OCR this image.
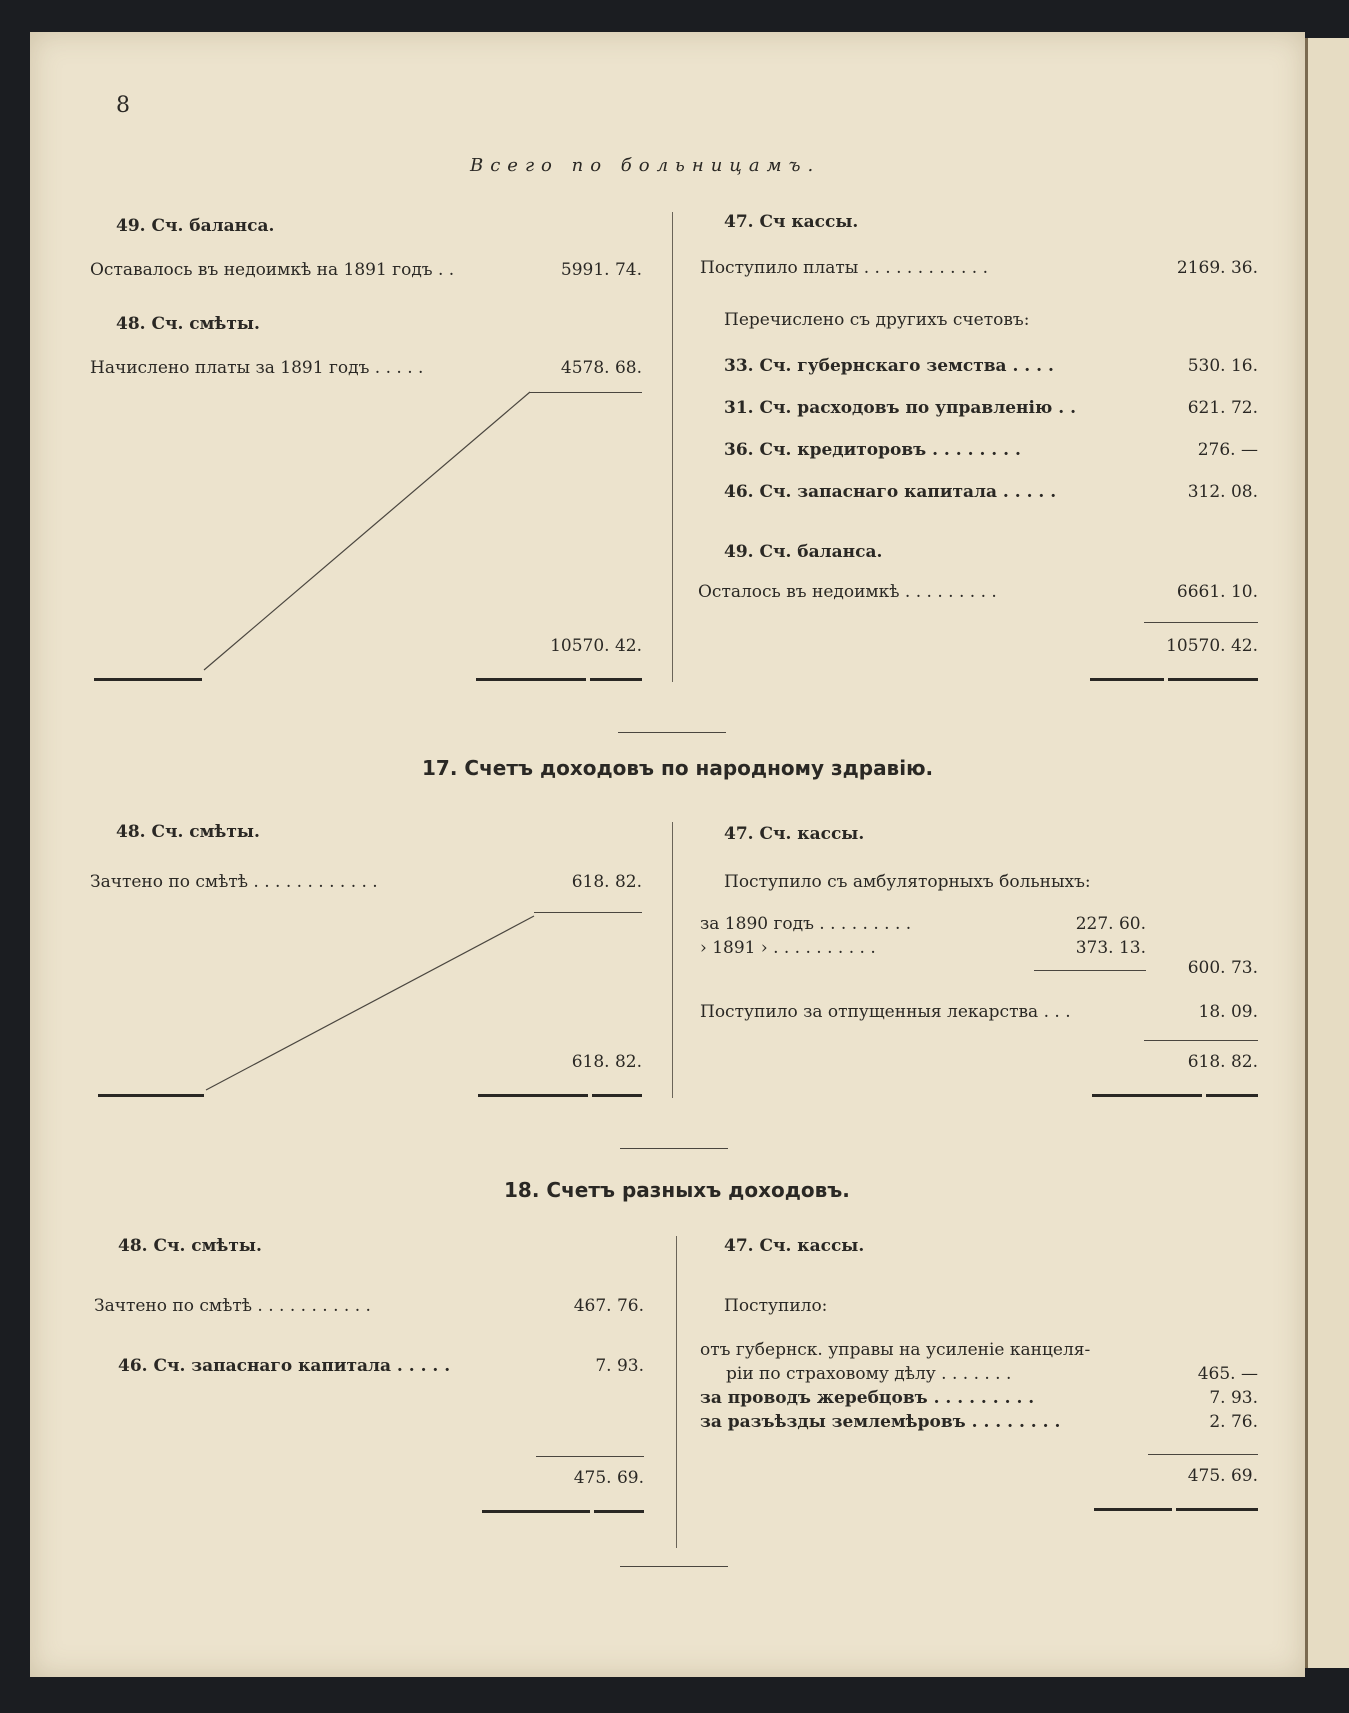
8
Всего по больницамъ.
49. Сч. баланса.
Оставалось въ недоимкѣ на 1891 годъ . .	5991. 74.
48. Сч. смѣты.
Начислено платы за 1891 годъ . . . . .	4578. 68.
10570. 42.
47. Сч кассы.
Поступило платы . . . . . . . . . . . .	2169. 36.
Перечислено съ другихъ счетовъ:
33. Сч. губернскаго земства . . . .	530. 16.
31. Сч. расходовъ по управленію . .	621. 72.
36. Сч. кредиторовъ . . . . . . . .	276. —
46. Сч. запаснаго капитала . . . . .	312. 08.
49. Сч. баланса.
Осталось въ недоимкѣ . . . . . . . . .	6661. 10.
10570. 42.
17. Счетъ доходовъ по народному здравію.
48. Сч. смѣты.
Зачтено по смѣтѣ . . . . . . . . . . . .	618. 82.
618. 82.
47. Сч. кассы.
Поступило съ амбуляторныхъ больныхъ:
за 1890 годъ . . . . . . . . .	227. 60.
› 1891 › . . . . . . . . . .	373. 13.
600. 73.
Поступило за отпущенныя лекарства . . .	18. 09.
618. 82.
18. Счетъ разныхъ доходовъ.
48. Сч. смѣты.
Зачтено по смѣтѣ . . . . . . . . . . .	467. 76.
46. Сч. запаснаго капитала . . . . .	7. 93.
475. 69.
47. Сч. кассы.
Поступило:
отъ губернск. управы на усиленіе канцеля-
ріи по страховому дѣлу . . . . . . .	465. —
за проводъ жеребцовъ . . . . . . . . .	7. 93.
за разъѣзды землемѣровъ . . . . . . . .	2. 76.
475. 69.
